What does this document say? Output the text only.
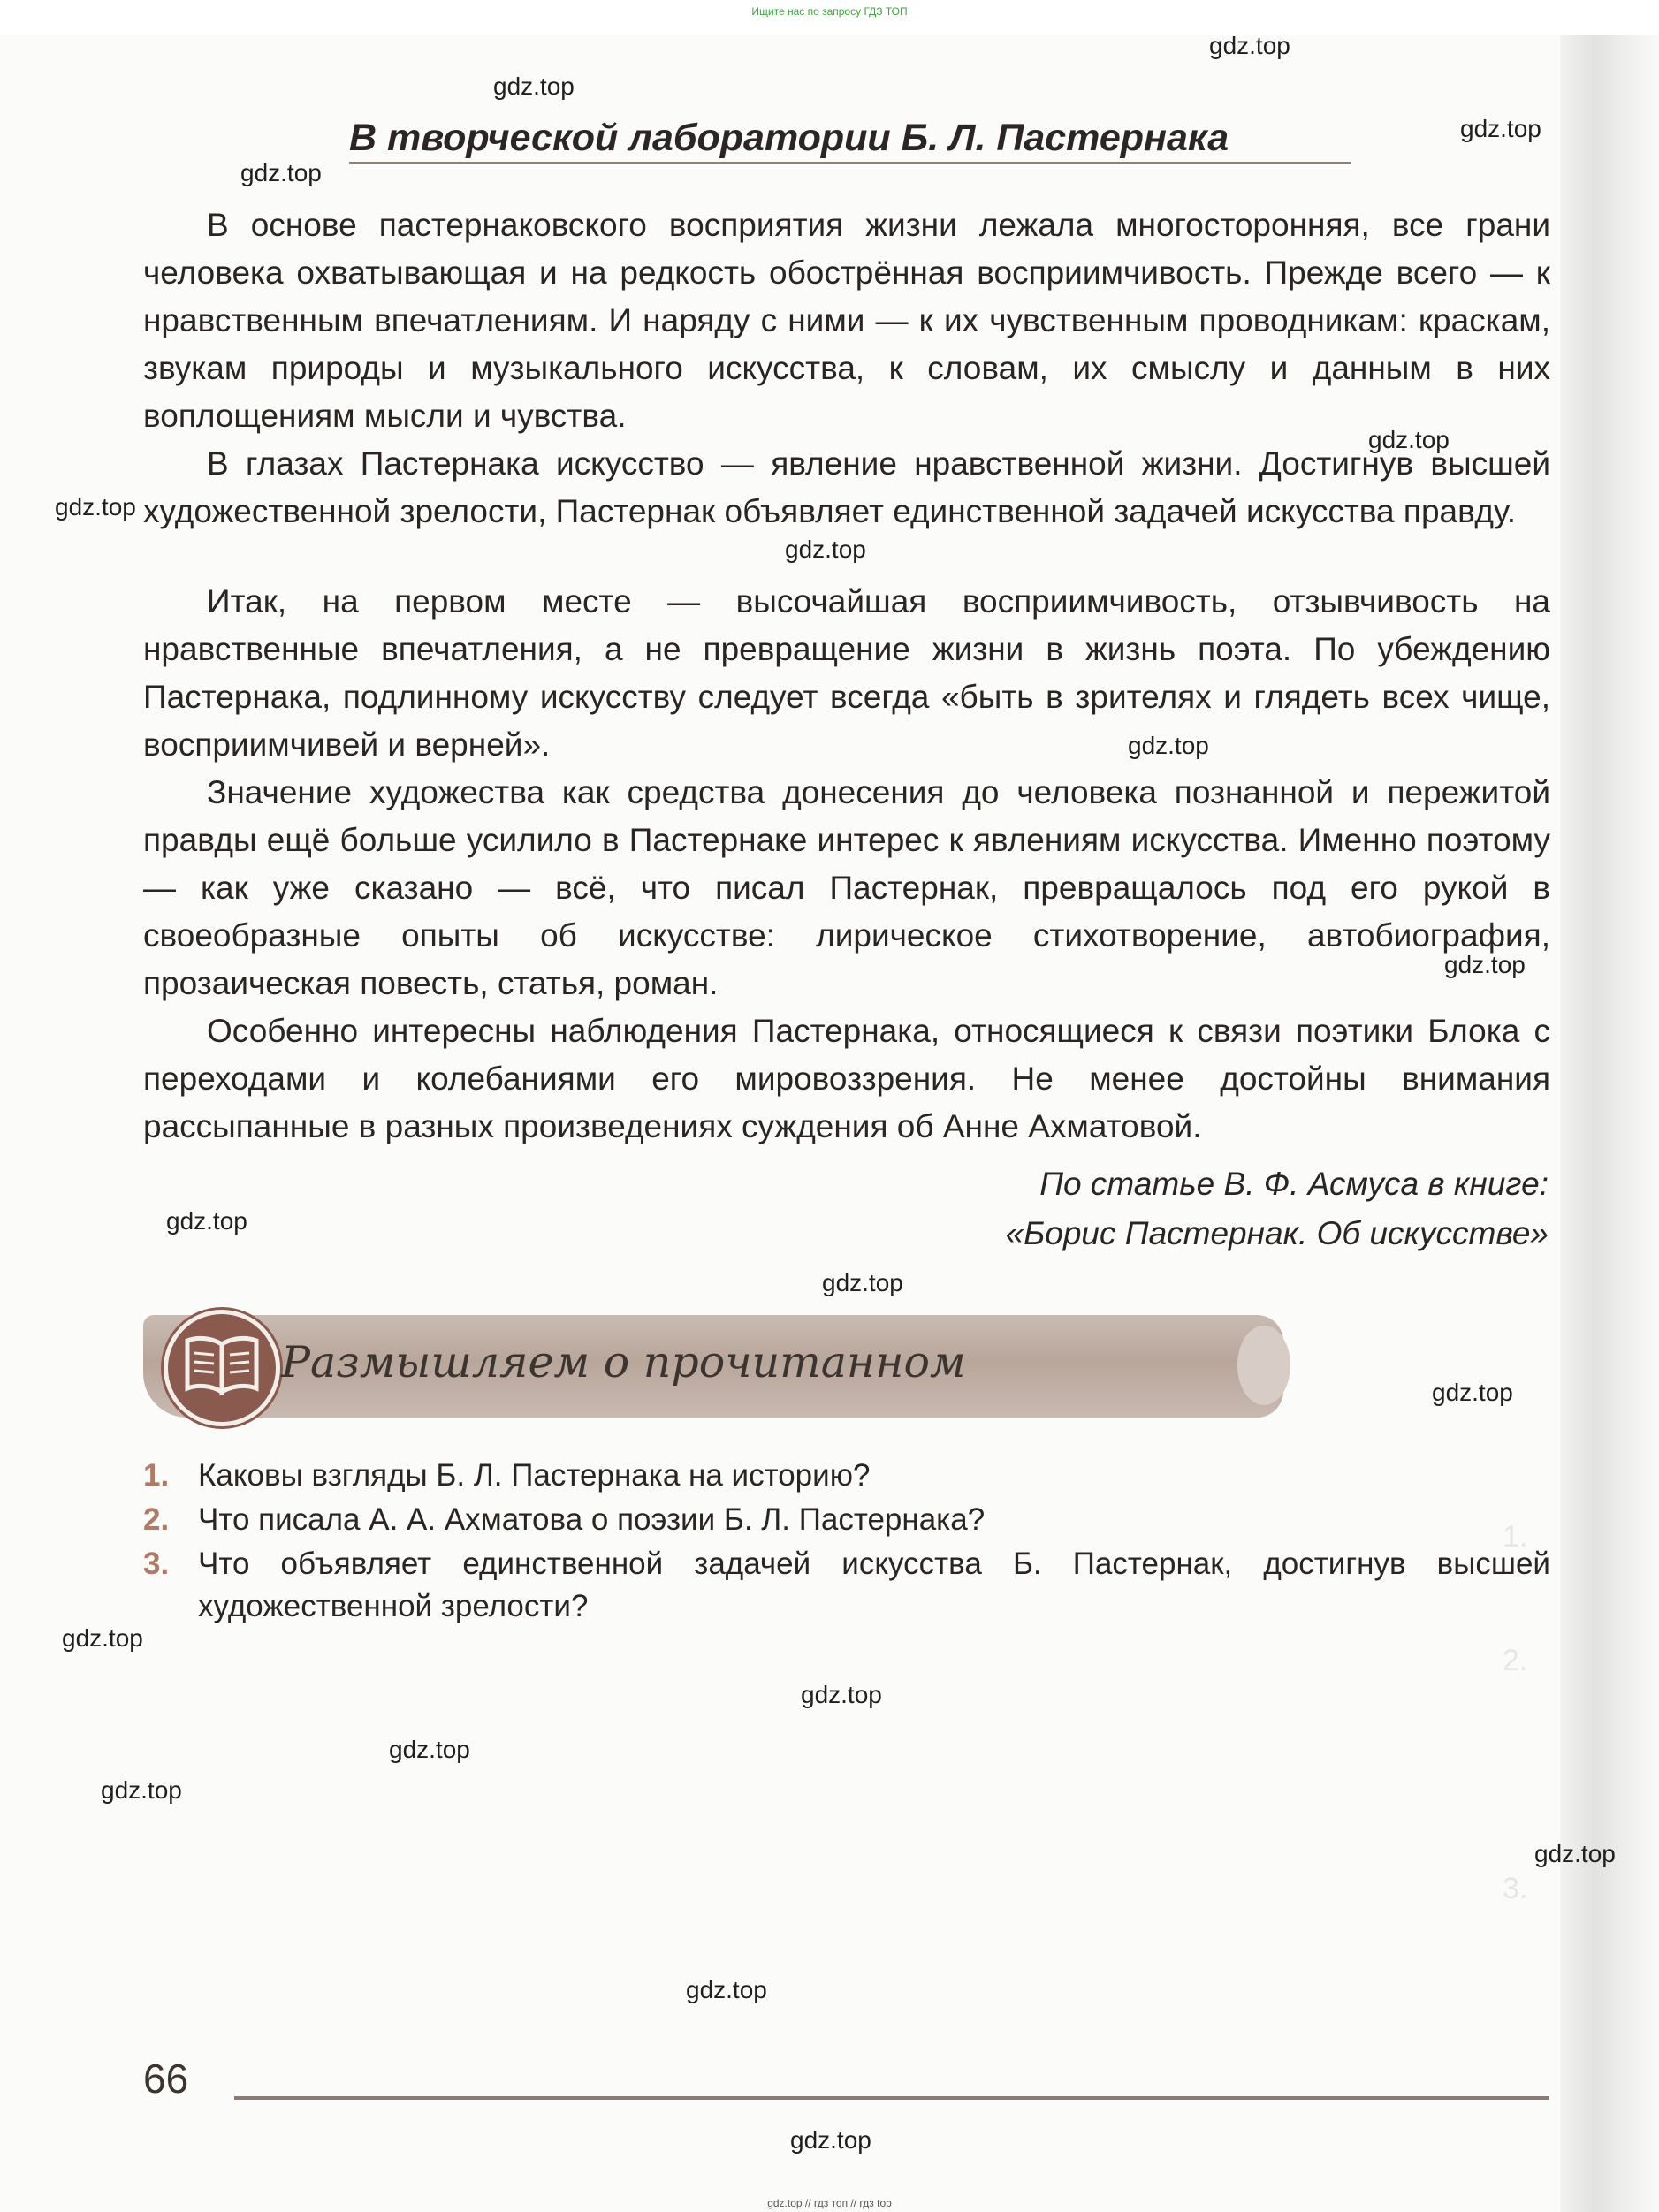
Ищите нас по запросу ГДЗ ТОП
gdz.top
gdz.top
gdz.top
gdz.top
gdz.top
gdz.top
gdz.top
gdz.top
gdz.top
gdz.top
gdz.top
gdz.top
gdz.top
gdz.top
gdz.top
gdz.top
gdz.top
gdz.top
gdz.top
В творческой лаборатории Б. Л. Пастернака

В основе пастернаковского восприятия жизни лежала многосторонняя, все грани человека охватывающая и на редкость обострённая восприимчивость. Прежде всего — к нравственным впечатлениям. И наряду с ними — к их чувственным проводникам: краскам, звукам природы и музыкального искусства, к словам, их смыслу и данным в них воплощениям мысли и чувства.

В глазах Пастернака искусство — явление нравственной жизни. Достигнув высшей художественной зрелости, Пастернак объявляет единственной задачей искусства правду.

Итак, на первом месте — высочайшая восприимчивость, отзывчивость на нравственные впечатления, а не превращение жизни в жизнь поэта. По убеждению Пастернака, подлинному искусству следует всегда «быть в зрителях и глядеть всех чище, восприимчивей и верней».

Значение художества как средства донесения до человека познанной и пережитой правды ещё больше усилило в Пастернаке интерес к явлениям искусства. Именно поэтому — как уже сказано — всё, что писал Пастернак, превращалось под его рукой в своеобразные опыты об искусстве: лирическое стихотворение, автобиография, прозаическая повесть, статья, роман.

Особенно интересны наблюдения Пастернака, относящиеся к связи поэтики Блока с переходами и колебаниями его мировоззрения. Не менее достойны внимания рассыпанные в разных произведениях суждения об Анне Ахматовой.

По статье В. Ф. Асмуса в книге:
«Борис Пастернак. Об искусстве»
Размышляем о прочитанном
1. Каковы взгляды Б. Л. Пастернака на историю?
2. Что писала А. А. Ахматова о поэзии Б. Л. Пастернака?
3. Что объявляет единственной задачей искусства Б. Пастернак, достигнув высшей художественной зрелости?
1.
2.
3.
66
gdz.top // гдз топ // гдз top
